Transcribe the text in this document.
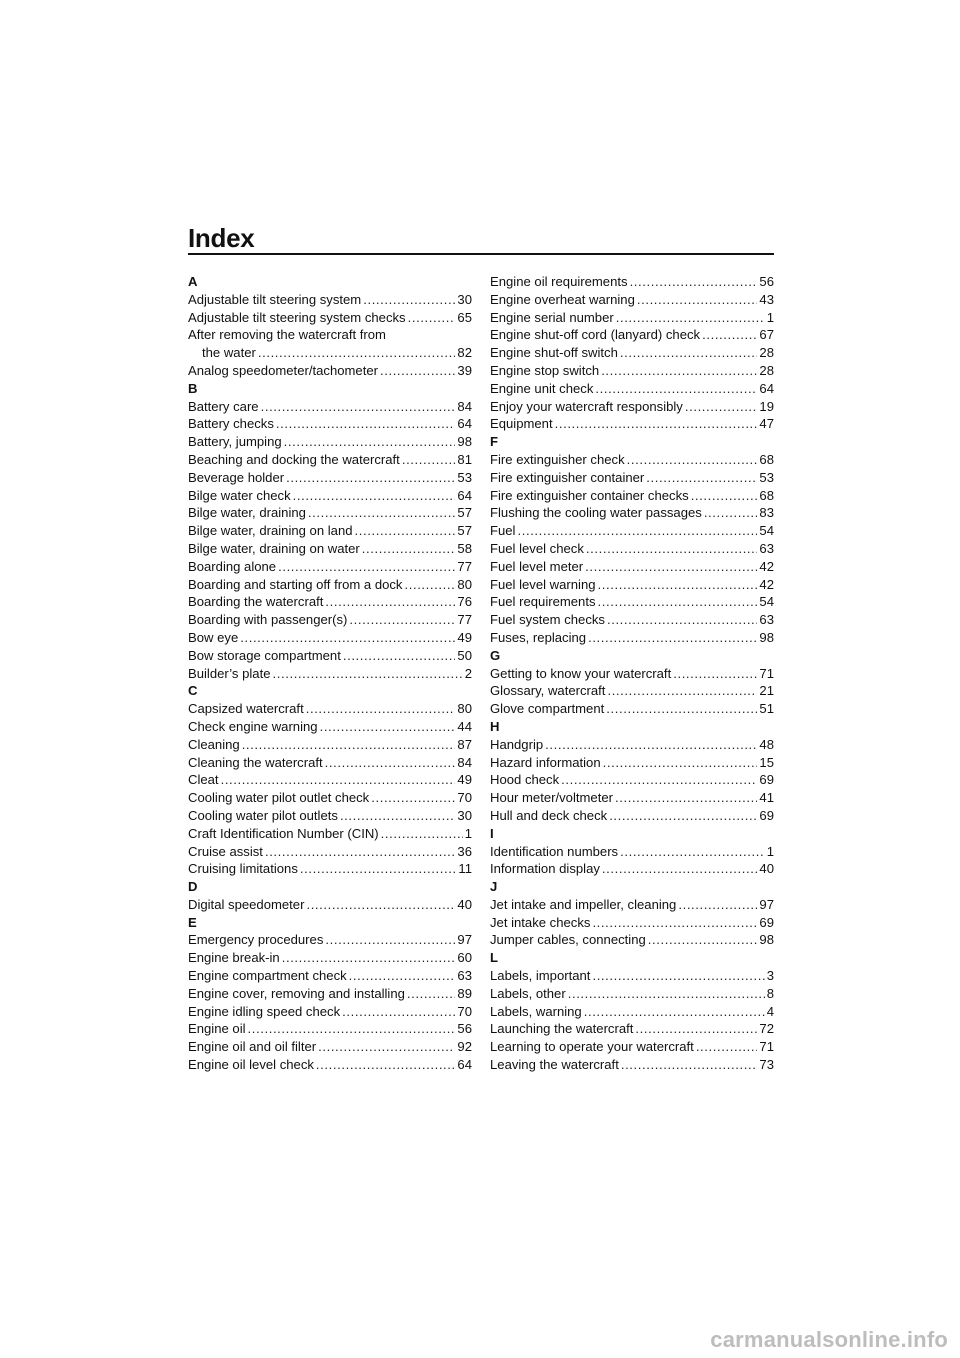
Index
A
Adjustable tilt steering system .....	30
Adjustable tilt steering system checks .....	65
After removing the watercraft from
the water .....	82
Analog speedometer/tachometer .....	39
B
Battery care .....	84
Battery checks .....	64
Battery, jumping .....	98
Beaching and docking the watercraft .....	81
Beverage holder .....	53
Bilge water check .....	64
Bilge water, draining .....	57
Bilge water, draining on land .....	57
Bilge water, draining on water .....	58
Boarding alone .....	77
Boarding and starting off from a dock .....	80
Boarding the watercraft .....	76
Boarding with passenger(s) .....	77
Bow eye .....	49
Bow storage compartment .....	50
Builder’s plate .....	2
C
Capsized watercraft .....	80
Check engine warning .....	44
Cleaning .....	87
Cleaning the watercraft .....	84
Cleat .....	49
Cooling water pilot outlet check .....	70
Cooling water pilot outlets .....	30
Craft Identification Number (CIN) .....	1
Cruise assist .....	36
Cruising limitations .....	11
D
Digital speedometer .....	40
E
Emergency procedures .....	97
Engine break-in .....	60
Engine compartment check .....	63
Engine cover, removing and installing .....	89
Engine idling speed check .....	70
Engine oil .....	56
Engine oil and oil filter .....	92
Engine oil level check .....	64
Engine oil requirements .....	56
Engine overheat warning .....	43
Engine serial number .....	1
Engine shut-off cord (lanyard) check .....	67
Engine shut-off switch .....	28
Engine stop switch .....	28
Engine unit check .....	64
Enjoy your watercraft responsibly .....	19
Equipment .....	47
F
Fire extinguisher check .....	68
Fire extinguisher container .....	53
Fire extinguisher container checks .....	68
Flushing the cooling water passages .....	83
Fuel .....	54
Fuel level check .....	63
Fuel level meter .....	42
Fuel level warning .....	42
Fuel requirements .....	54
Fuel system checks .....	63
Fuses, replacing .....	98
G
Getting to know your watercraft .....	71
Glossary, watercraft .....	21
Glove compartment .....	51
H
Handgrip .....	48
Hazard information .....	15
Hood check .....	69
Hour meter/voltmeter .....	41
Hull and deck check .....	69
I
Identification numbers .....	1
Information display .....	40
J
Jet intake and impeller, cleaning .....	97
Jet intake checks .....	69
Jumper cables, connecting .....	98
L
Labels, important .....	3
Labels, other .....	8
Labels, warning .....	4
Launching the watercraft .....	72
Learning to operate your watercraft .....	71
Leaving the watercraft .....	73
carmanualsonline.info
